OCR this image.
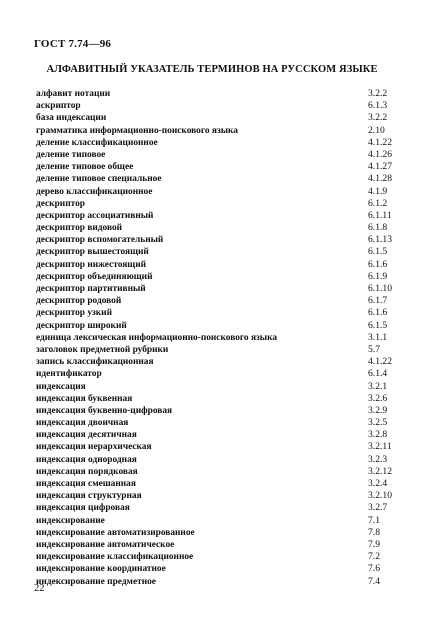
ГОСТ 7.74—96
АЛФАВИТНЫЙ УКАЗАТЕЛЬ ТЕРМИНОВ НА РУССКОМ ЯЗЫКЕ
алфавит нотации	3.2.2
аскриптор	6.1.3
база индексации	3.2.2
грамматика информационно-поискового языка	2.10
деление классификационное	4.1.22
деление типовое	4.1.26
деление типовое общее	4.1.27
деление типовое специальное	4.1.28
дерево классификационное	4.1.9
дескриптор	6.1.2
дескриптор ассоциативный	6.1.11
дескриптор видовой	6.1.8
дескриптор вспомогательный	6.1.13
дескриптор вышестоящий	6.1.5
дескриптор нижестоящий	6.1.6
дескриптор объединяющий	6.1.9
дескриптор партитивный	6.1.10
дескриптор родовой	6.1.7
дескриптор узкий	6.1.6
дескриптор широкий	6.1.5
единица лексическая информационно-поискового языка	3.1.1
заголовок предметной рубрики	5.7
запись классификационная	4.1.22
идентификатор	6.1.4
индексация	3.2.1
индексация буквенная	3.2.6
индексация буквенно-цифровая	3.2.9
индексация двоичная	3.2.5
индексация десятичная	3.2.8
индексация иерархическая	3.2.11
индексация однородная	3.2.3
индексация порядковая	3.2.12
индексация смешанная	3.2.4
индексация структурная	3.2.10
индексация цифровая	3.2.7
индексирование	7.1
индексирование автоматизированное	7.8
индексирование автоматическое	7.9
индексирование классификационное	7.2
индексирование координатное	7.6
индексирование предметное	7.4
22
